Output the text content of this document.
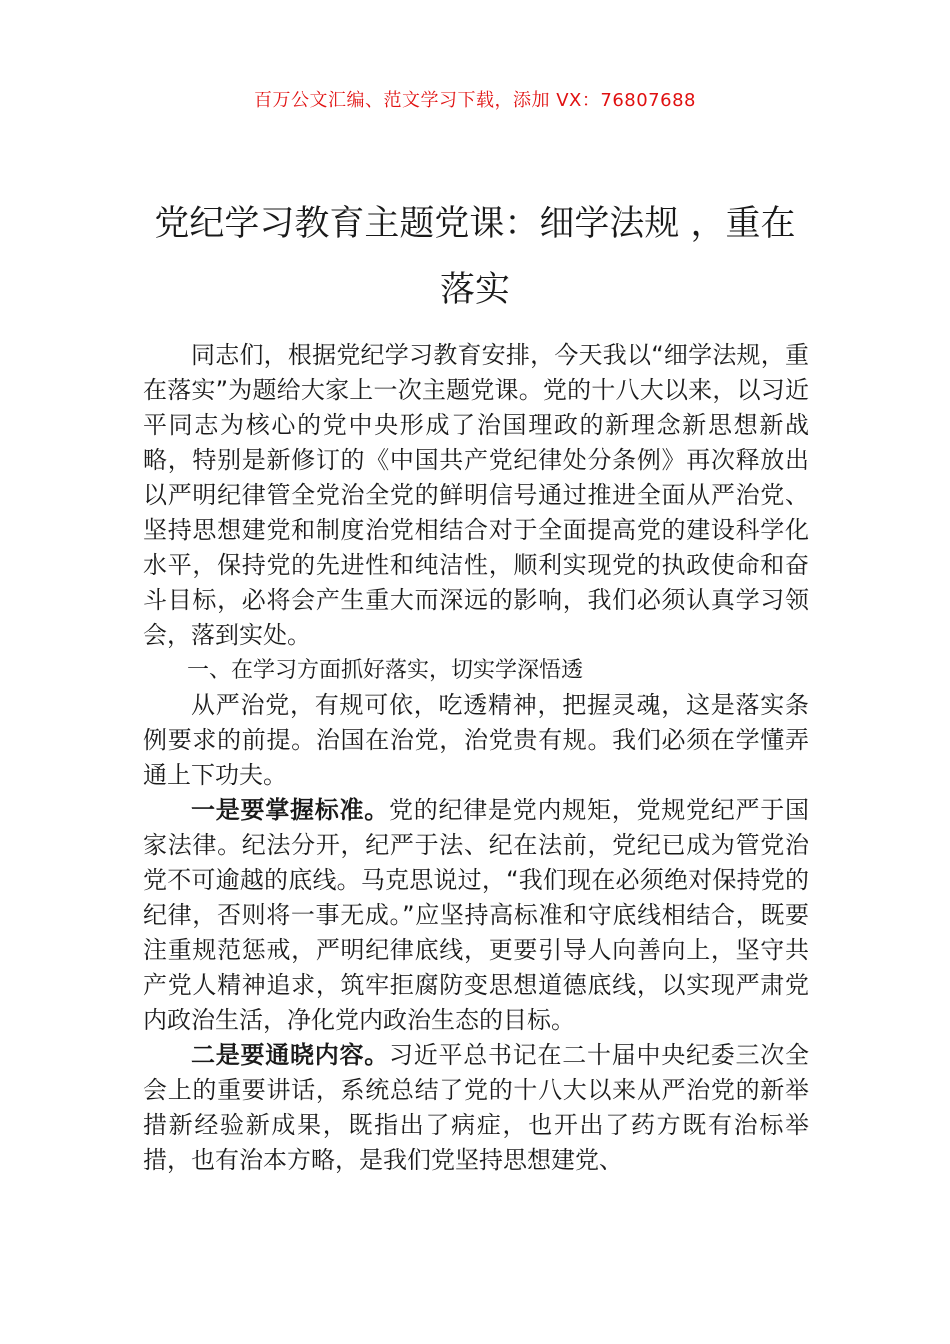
百万公文汇编、范文学习下载，添加 VX：76807688
党纪学习教育主题党课：细学法规 ，重在
落实

同志们，根据党纪学习教育安排，今天我以“细学法规，重在落实”为题给大家上一次主题党课。党的十八大以来，以习近平同志为核心的党中央形成了治国理政的新理念新思想新战略，特别是新修订的《中国共产党纪律处分条例》再次释放出以严明纪律管全党治全党的鲜明信号通过推进全面从严治党、坚持思想建党和制度治党相结合对于全面提高党的建设科学化水平，保持党的先进性和纯洁性，顺利实现党的执政使命和奋斗目标，必将会产生重大而深远的影响，我们必须认真学习领会，落到实处。

一、在学习方面抓好落实，切实学深悟透

从严治党，有规可依，吃透精神，把握灵魂，这是落实条例要求的前提。治国在治党，治党贵有规。我们必须在学懂弄通上下功夫。

一是要掌握标准。党的纪律是党内规矩，党规党纪严于国家法律。纪法分开，纪严于法、纪在法前，党纪已成为管党治党不可逾越的底线。马克思说过，“我们现在必须绝对保持党的纪律，否则将一事无成。”应坚持高标准和守底线相结合，既要注重规范惩戒，严明纪律底线，更要引导人向善向上，坚守共产党人精神追求，筑牢拒腐防变思想道德底线，以实现严肃党内政治生活，净化党内政治生态的目标。

二是要通晓内容。习近平总书记在二十届中央纪委三次全会上的重要讲话，系统总结了党的十八大以来从严治党的新举措新经验新成果，既指出了病症，也开出了药方既有治标举措，也有治本方略，是我们党坚持思想建党、
